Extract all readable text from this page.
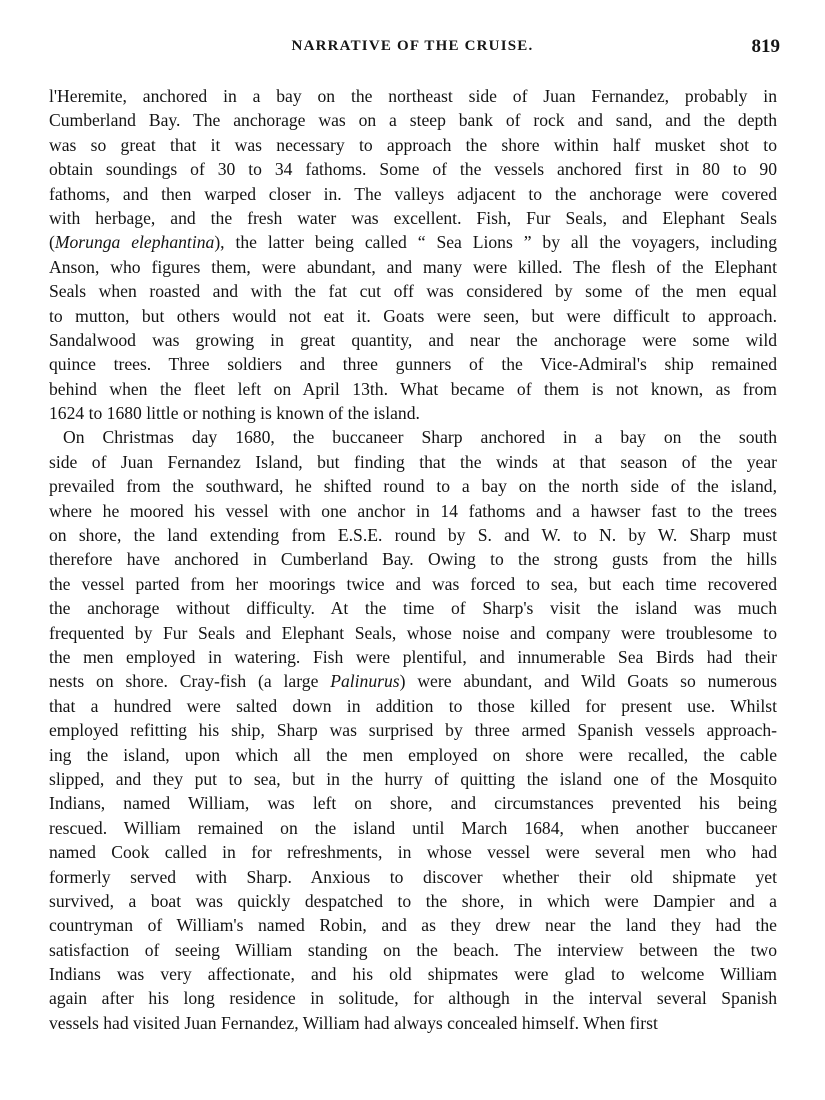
NARRATIVE OF THE CRUISE.	819
l'Heremite, anchored in a bay on the northeast side of Juan Fernandez, probably in
Cumberland Bay. The anchorage was on a steep bank of rock and sand, and the depth
was so great that it was necessary to approach the shore within half musket shot to
obtain soundings of 30 to 34 fathoms. Some of the vessels anchored first in 80 to 90
fathoms, and then warped closer in. The valleys adjacent to the anchorage were covered
with herbage, and the fresh water was excellent. Fish, Fur Seals, and Elephant Seals
(Morunga elephantina), the latter being called “ Sea Lions ” by all the voyagers, including
Anson, who figures them, were abundant, and many were killed. The flesh of the Elephant
Seals when roasted and with the fat cut off was considered by some of the men equal
to mutton, but others would not eat it. Goats were seen, but were difficult to approach.
Sandalwood was growing in great quantity, and near the anchorage were some wild
quince trees. Three soldiers and three gunners of the Vice-Admiral's ship remained
behind when the fleet left on April 13th. What became of them is not known, as from
1624 to 1680 little or nothing is known of the island.
On Christmas day 1680, the buccaneer Sharp anchored in a bay on the south
side of Juan Fernandez Island, but finding that the winds at that season of the year
prevailed from the southward, he shifted round to a bay on the north side of the island,
where he moored his vessel with one anchor in 14 fathoms and a hawser fast to the trees
on shore, the land extending from E.S.E. round by S. and W. to N. by W. Sharp must
therefore have anchored in Cumberland Bay. Owing to the strong gusts from the hills
the vessel parted from her moorings twice and was forced to sea, but each time recovered
the anchorage without difficulty. At the time of Sharp's visit the island was much
frequented by Fur Seals and Elephant Seals, whose noise and company were troublesome to
the men employed in watering. Fish were plentiful, and innumerable Sea Birds had their
nests on shore. Cray-fish (a large Palinurus) were abundant, and Wild Goats so numerous
that a hundred were salted down in addition to those killed for present use. Whilst
employed refitting his ship, Sharp was surprised by three armed Spanish vessels approach-
ing the island, upon which all the men employed on shore were recalled, the cable
slipped, and they put to sea, but in the hurry of quitting the island one of the Mosquito
Indians, named William, was left on shore, and circumstances prevented his being
rescued. William remained on the island until March 1684, when another buccaneer
named Cook called in for refreshments, in whose vessel were several men who had
formerly served with Sharp. Anxious to discover whether their old shipmate yet
survived, a boat was quickly despatched to the shore, in which were Dampier and a
countryman of William's named Robin, and as they drew near the land they had the
satisfaction of seeing William standing on the beach. The interview between the two
Indians was very affectionate, and his old shipmates were glad to welcome William
again after his long residence in solitude, for although in the interval several Spanish
vessels had visited Juan Fernandez, William had always concealed himself. When first
